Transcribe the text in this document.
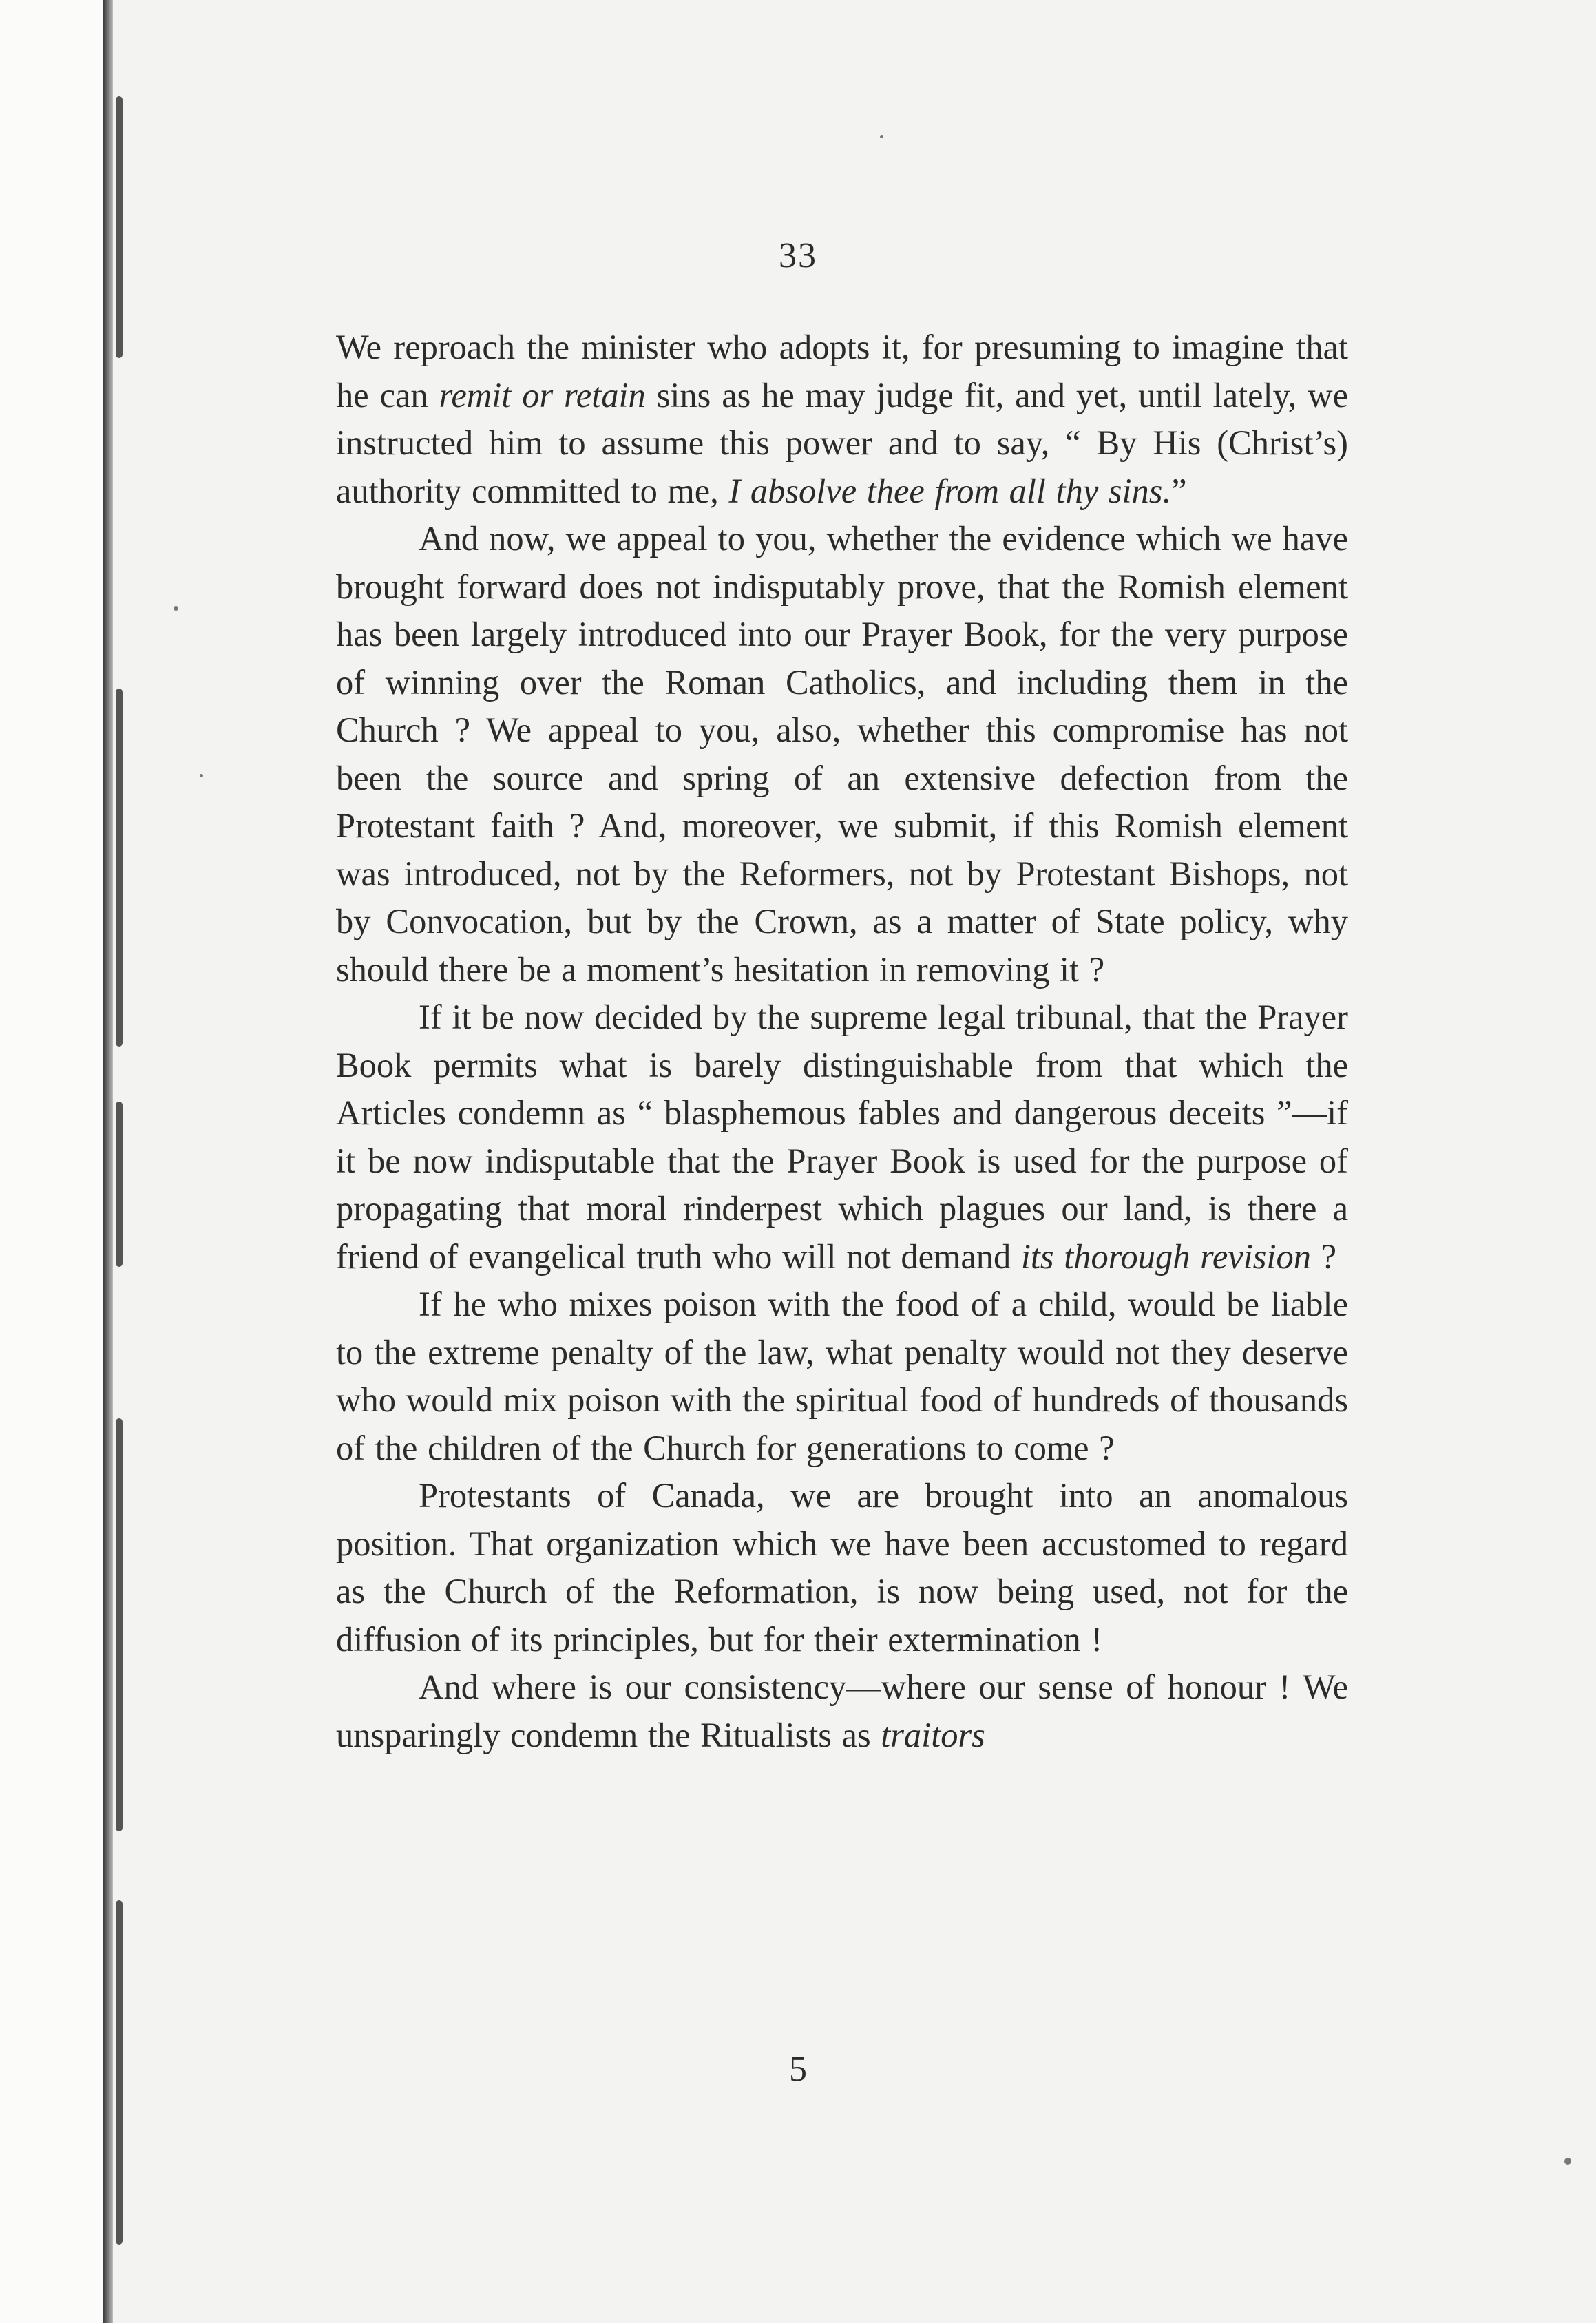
33

We reproach the minister who adopts it, for presuming to imagine that he can remit or retain sins as he may judge fit, and yet, until lately, we instructed him to assume this power and to say, “ By His (Christ’s) authority committed to me, I absolve thee from all thy sins.”

And now, we appeal to you, whether the evidence which we have brought forward does not indisputably prove, that the Romish element has been largely introduced into our Prayer Book, for the very purpose of winning over the Roman Catholics, and including them in the Church ? We appeal to you, also, whether this compromise has not been the source and spring of an extensive defection from the Protestant faith ? And, moreover, we submit, if this Romish element was introduced, not by the Reformers, not by Protestant Bishops, not by Convocation, but by the Crown, as a matter of State policy, why should there be a moment’s hesitation in removing it ?

If it be now decided by the supreme legal tribunal, that the Prayer Book permits what is barely distinguishable from that which the Articles condemn as “ blasphemous fables and dangerous deceits ”—if it be now indisputable that the Prayer Book is used for the purpose of propagating that moral rinderpest which plagues our land, is there a friend of evangelical truth who will not demand its thorough revision ?

If he who mixes poison with the food of a child, would be liable to the extreme penalty of the law, what penalty would not they deserve who would mix poison with the spiritual food of hundreds of thousands of the children of the Church for generations to come ?

Protestants of Canada, we are brought into an anomalous position. That organization which we have been accustomed to regard as the Church of the Reformation, is now being used, not for the diffusion of its principles, but for their extermination !

And where is our consistency—where our sense of honour ! We unsparingly condemn the Ritualists as traitors

5
